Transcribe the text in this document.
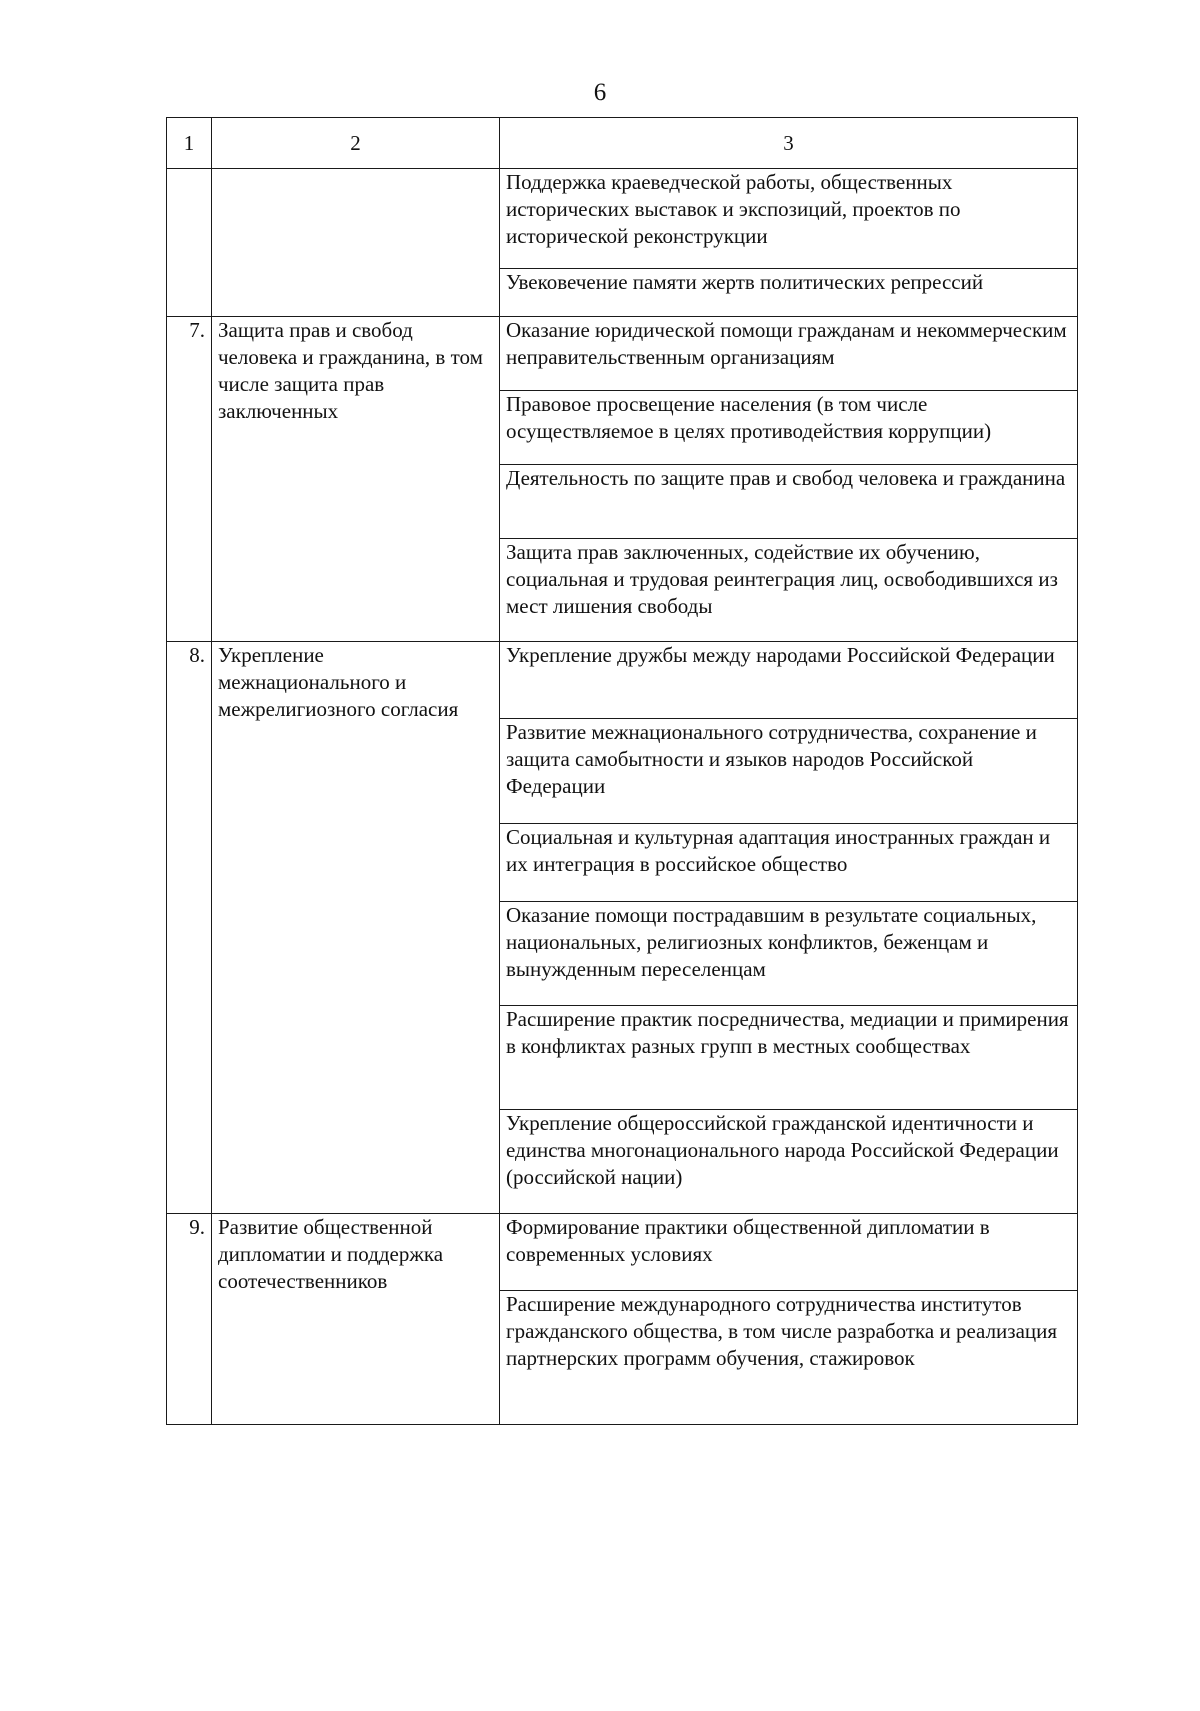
6
1	2	3
		Поддержка краеведческой работы, общественных исторических выставок и экспозиций, проектов по исторической реконструкции
		Увековечение памяти жертв политических репрессий
7.	Защита прав и свобод человека и гражданина, в том числе защита прав заключенных	Оказание юридической помощи гражданам и некоммерческим неправительственным организациям
		Правовое просвещение населения (в том числе осуществляемое в целях противодействия коррупции)
		Деятельность по защите прав и свобод человека и гражданина
		Защита прав заключенных, содействие их обучению, социальная и трудовая реинтеграция лиц, освободившихся из мест лишения свободы
8.	Укрепление межнационального и межрелигиозного согласия	Укрепление дружбы между народами Российской Федерации
		Развитие межнационального сотрудничества, сохранение и защита самобытности и языков народов Российской Федерации
		Социальная и культурная адаптация иностранных граждан и их интеграция в российское общество
		Оказание помощи пострадавшим в результате социальных, национальных, религиозных конфликтов, беженцам и вынужденным переселенцам
		Расширение практик посредничества, медиации и примирения в конфликтах разных групп в местных сообществах
		Укрепление общероссийской гражданской идентичности и единства многонационального народа Российской Федерации (российской нации)
9.	Развитие общественной дипломатии и поддержка соотечественников	Формирование практики общественной дипломатии в современных условиях
		Расширение международного сотрудничества институтов гражданского общества, в том числе разработка и реализация партнерских программ обучения, стажировок
